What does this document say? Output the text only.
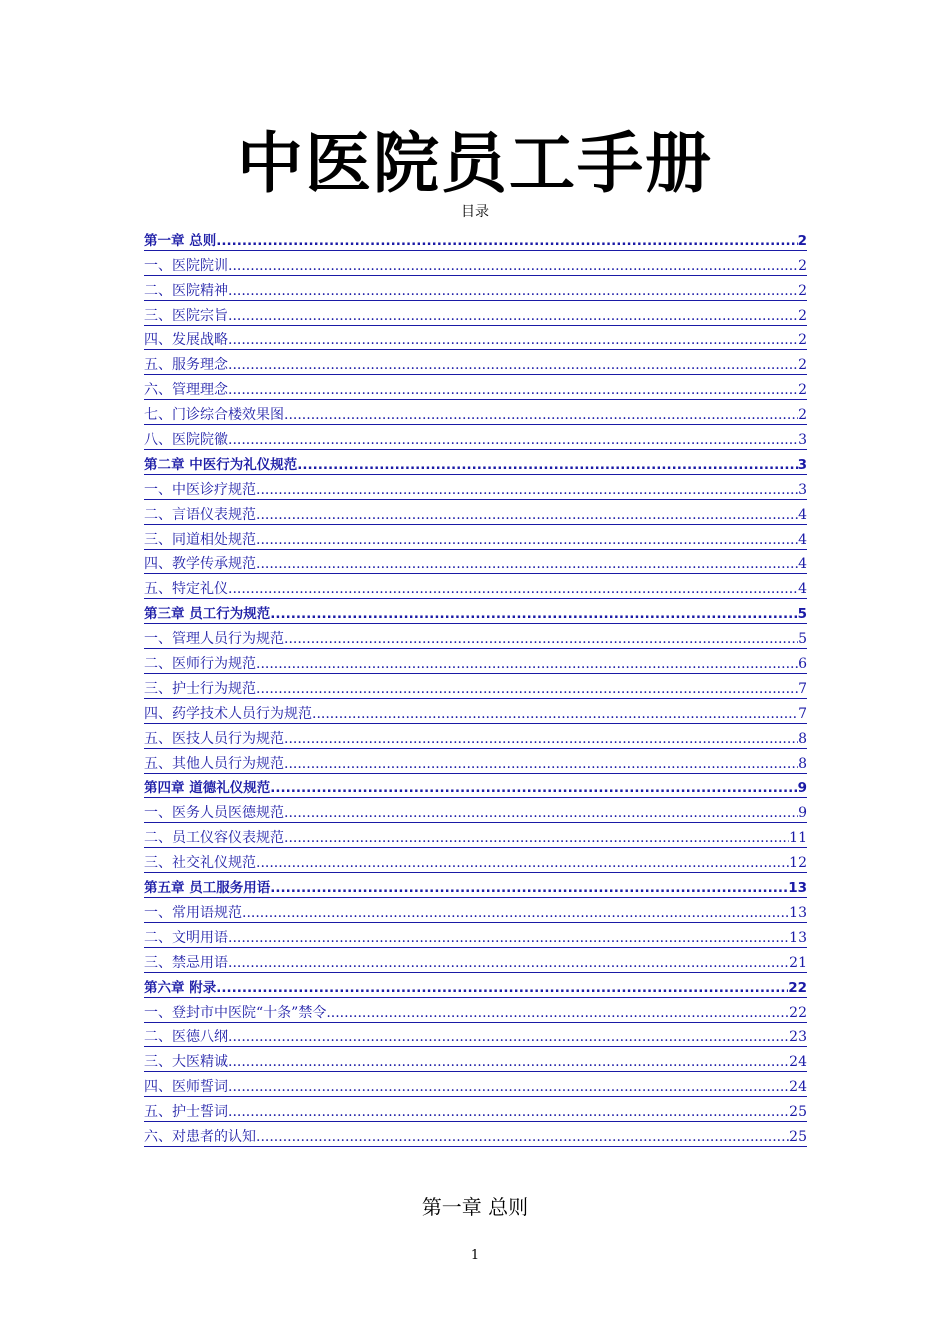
中医院员工手册
目录
第一章 总则 .....	2
一、医院院训 .....	2
二、医院精神 .....	2
三、医院宗旨 .....	2
四、发展战略 .....	2
五、服务理念 .....	2
六、管理理念 .....	2
七、门诊综合楼效果图 .....	2
八、医院院徽 .....	3
第二章 中医行为礼仪规范 .....	3
一、中医诊疗规范 .....	3
二、言语仪表规范 .....	4
三、同道相处规范 .....	4
四、教学传承规范 .....	4
五、特定礼仪 .....	4
第三章 员工行为规范 .....	5
一、管理人员行为规范 .....	5
二、医师行为规范 .....	6
三、护士行为规范 .....	7
四、药学技术人员行为规范 .....	7
五、医技人员行为规范 .....	8
五、其他人员行为规范 .....	8
第四章 道德礼仪规范 .....	9
一、医务人员医德规范 .....	9
二、员工仪容仪表规范 .....	11
三、社交礼仪规范 .....	12
第五章 员工服务用语 .....	13
一、常用语规范 .....	13
二、文明用语 .....	13
三、禁忌用语 .....	21
第六章 附录 .....	22
一、登封市中医院“十条”禁令 .....	22
二、医德八纲 .....	23
三、大医精诚 .....	24
四、医师誓词 .....	24
五、护士誓词 .....	25
六、对患者的认知 .....	25
第一章 总则
1
